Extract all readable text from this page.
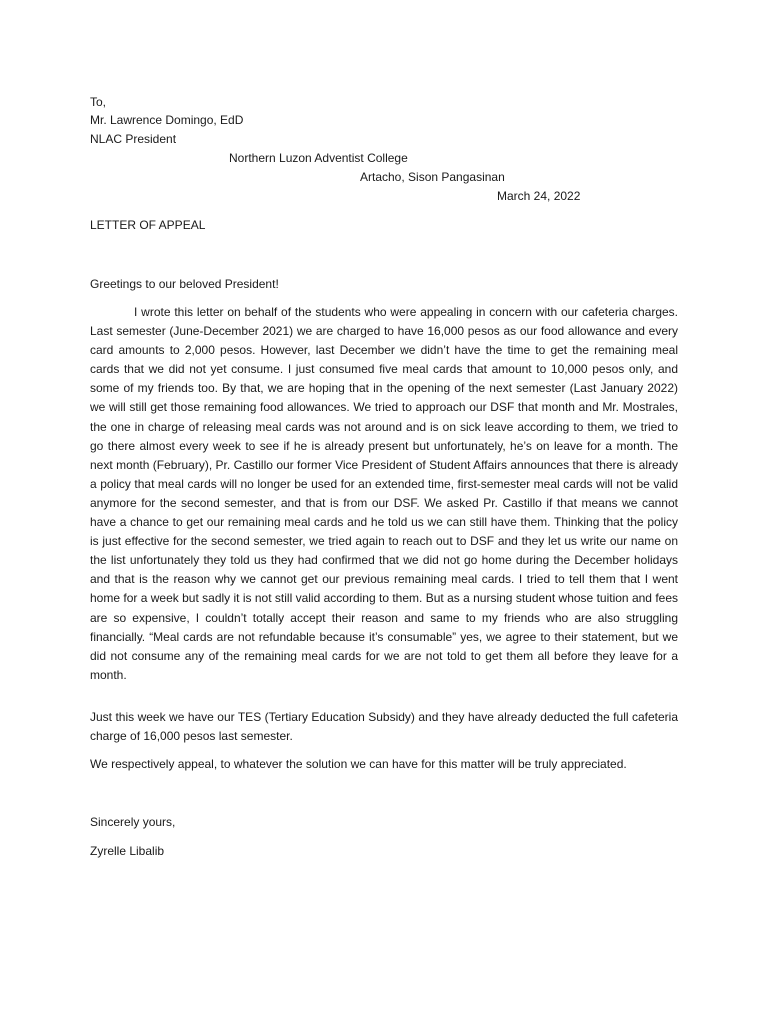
To,
Mr. Lawrence Domingo, EdD
NLAC President
Northern Luzon Adventist College
Artacho, Sison Pangasinan
March 24, 2022
LETTER OF APPEAL
Greetings to our beloved President!

I wrote this letter on behalf of the students who were appealing in concern with our cafeteria charges. Last semester (June-December 2021) we are charged to have 16,000 pesos as our food allowance and every card amounts to 2,000 pesos. However, last December we didn’t have the time to get the remaining meal cards that we did not yet consume. I just consumed five meal cards that amount to 10,000 pesos only, and some of my friends too. By that, we are hoping that in the opening of the next semester (Last January 2022) we will still get those remaining food allowances. We tried to approach our DSF that month and Mr. Mostrales, the one in charge of releasing meal cards was not around and is on sick leave according to them, we tried to go there almost every week to see if he is already present but unfortunately, he’s on leave for a month. The next month (February), Pr. Castillo our former Vice President of Student Affairs announces that there is already a policy that meal cards will no longer be used for an extended time, first-semester meal cards will not be valid anymore for the second semester, and that is from our DSF. We asked Pr. Castillo if that means we cannot have a chance to get our remaining meal cards and he told us we can still have them. Thinking that the policy is just effective for the second semester, we tried again to reach out to DSF and they let us write our name on the list unfortunately they told us they had confirmed that we did not go home during the December holidays and that is the reason why we cannot get our previous remaining meal cards. I tried to tell them that I went home for a week but sadly it is not still valid according to them. But as a nursing student whose tuition and fees are so expensive, I couldn’t totally accept their reason and same to my friends who are also struggling financially. “Meal cards are not refundable because it’s consumable” yes, we agree to their statement, but we did not consume any of the remaining meal cards for we are not told to get them all before they leave for a month.

Just this week we have our TES (Tertiary Education Subsidy) and they have already deducted the full cafeteria charge of 16,000 pesos last semester.

We respectively appeal, to whatever the solution we can have for this matter will be truly appreciated.

Sincerely yours,
Zyrelle Libalib
